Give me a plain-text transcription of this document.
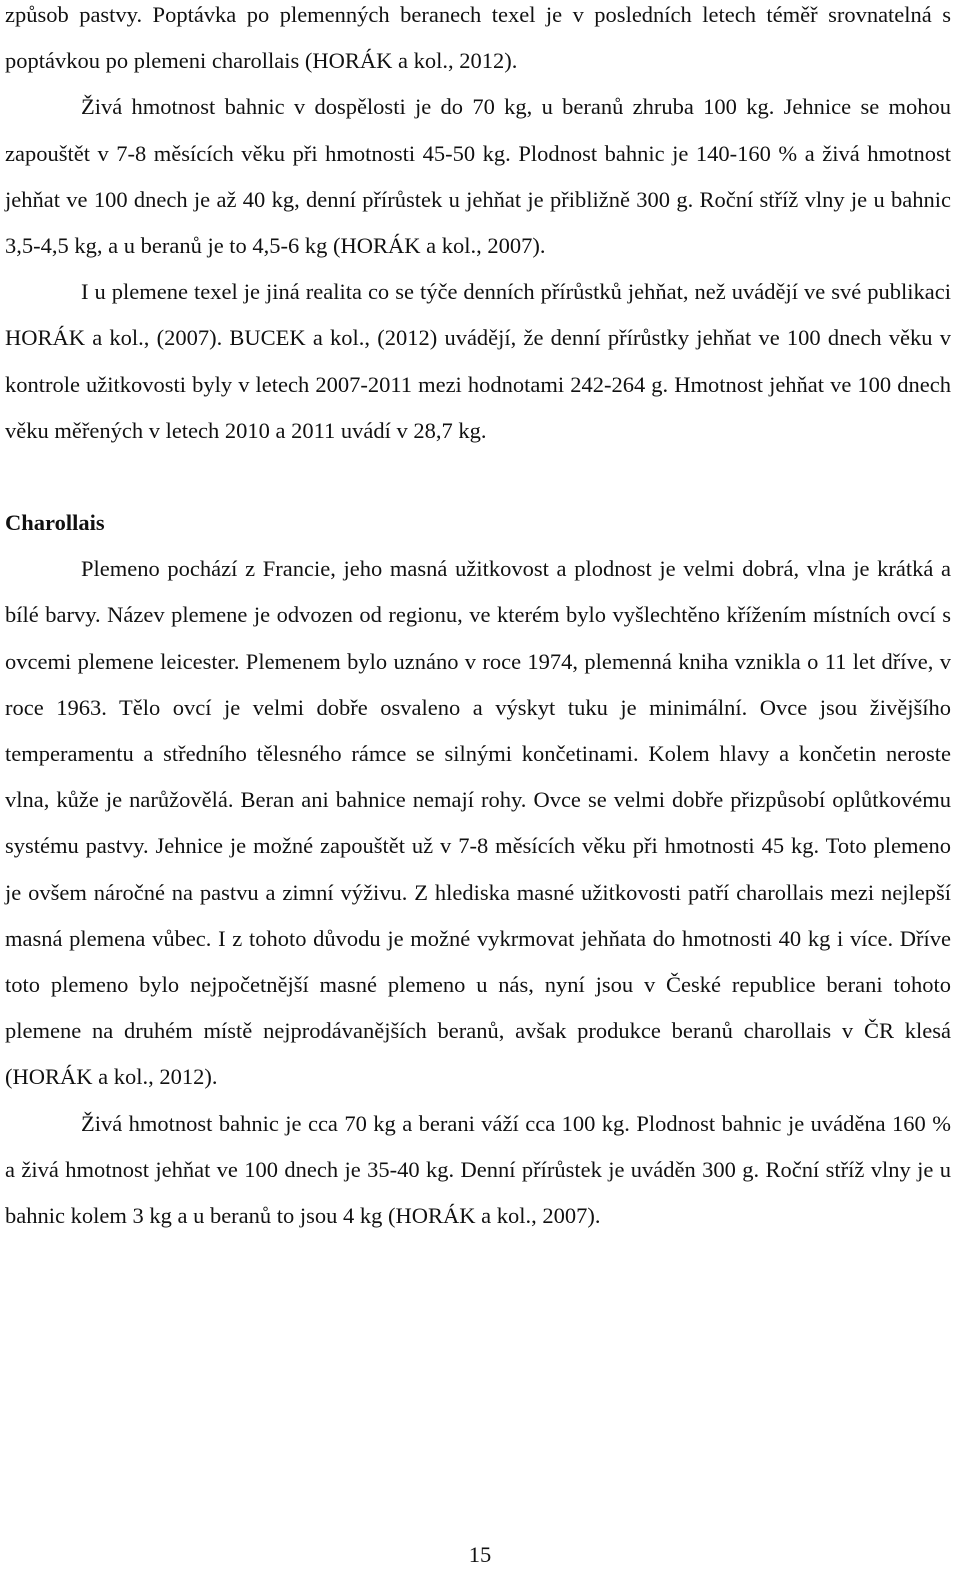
způsob pastvy. Poptávka po plemenných beranech texel je v posledních letech téměř srovnatelná s poptávkou po plemeni charollais (HORÁK a kol., 2012).

Živá hmotnost bahnic v dospělosti je do 70 kg, u beranů zhruba 100 kg. Jehnice se mohou zapouštět v 7-8 měsících věku při hmotnosti 45-50 kg. Plodnost bahnic je 140-160 % a živá hmotnost jehňat ve 100 dnech je až 40 kg, denní přírůstek u jehňat je přibližně 300 g. Roční stříž vlny je u bahnic 3,5-4,5 kg, a u beranů je to 4,5-6 kg (HORÁK a kol., 2007).

I u plemene texel je jiná realita co se týče denních přírůstků jehňat, než uvádějí ve své publikaci HORÁK a kol., (2007). BUCEK a kol., (2012) uvádějí, že denní přírůstky jehňat ve 100 dnech věku v kontrole užitkovosti byly v letech 2007-2011 mezi hodnotami 242-264 g. Hmotnost jehňat ve 100 dnech věku měřených v letech 2010 a 2011 uvádí v 28,7 kg.

Charollais

Plemeno pochází z Francie, jeho masná užitkovost a plodnost je velmi dobrá, vlna je krátká a bílé barvy. Název plemene je odvozen od regionu, ve kterém bylo vyšlechtěno křížením místních ovcí s ovcemi plemene leicester. Plemenem bylo uznáno v roce 1974, plemenná kniha vznikla o 11 let dříve, v roce 1963. Tělo ovcí je velmi dobře osvaleno a výskyt tuku je minimální. Ovce jsou živějšího temperamentu a středního tělesného rámce se silnými končetinami. Kolem hlavy a končetin neroste vlna, kůže je narůžovělá. Beran ani bahnice nemají rohy. Ovce se velmi dobře přizpůsobí oplůtkovému systému pastvy. Jehnice je možné zapouštět už v 7-8 měsících věku při hmotnosti 45 kg. Toto plemeno je ovšem náročné na pastvu a zimní výživu. Z hlediska masné užitkovosti patří charollais mezi nejlepší masná plemena vůbec. I z tohoto důvodu je možné vykrmovat jehňata do hmotnosti 40 kg i více. Dříve toto plemeno bylo nejpočetnější masné plemeno u nás, nyní jsou v České republice berani tohoto plemene na druhém místě nejprodávanějších beranů, avšak produkce beranů charollais v ČR klesá (HORÁK a kol., 2012).

Živá hmotnost bahnic je cca 70 kg a berani váží cca 100 kg. Plodnost bahnic je uváděna 160 % a živá hmotnost jehňat ve 100 dnech je 35-40 kg. Denní přírůstek je uváděn 300 g. Roční stříž vlny je u bahnic kolem 3 kg a u beranů to jsou 4 kg (HORÁK a kol., 2007).

15
